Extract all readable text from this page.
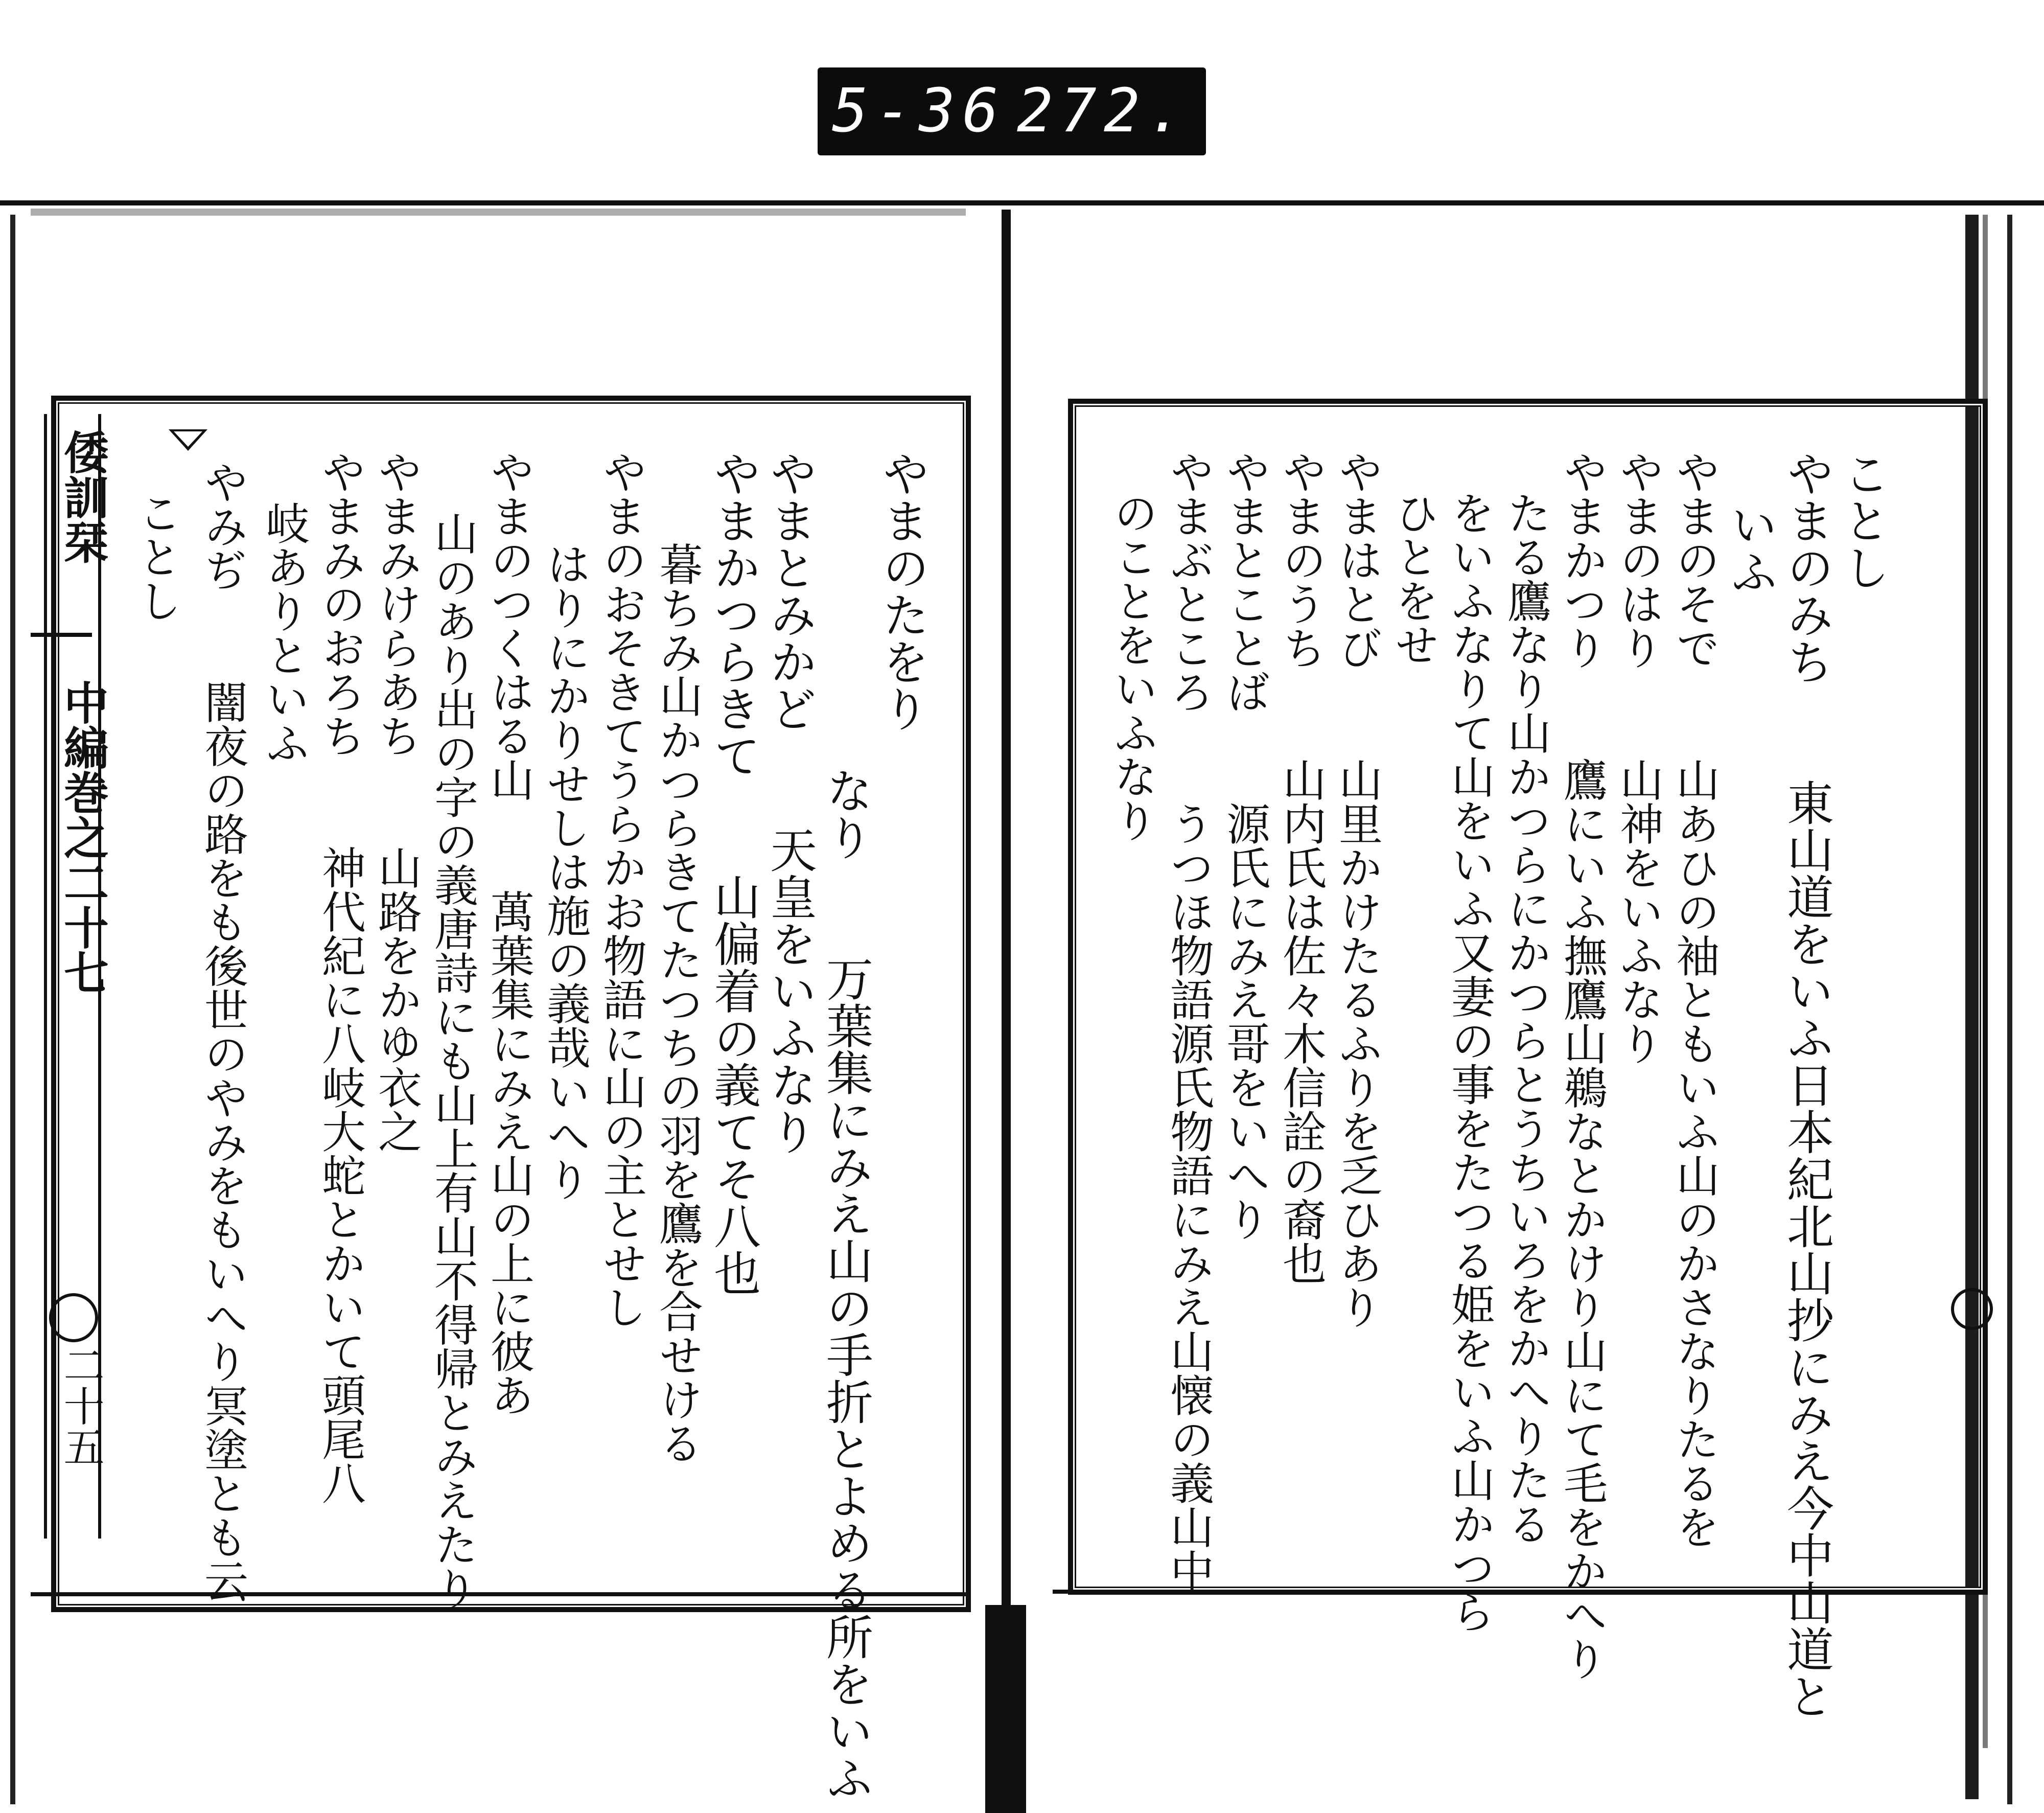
5-36 272.
倭訓栞
中編巻之二十七
二十五
やまのたをり
なり　　万葉集にみえ山の手折とよめる所をいふ
やまとみかど　　天皇をいふなり
やまかつらきて　　山偏着の義てそ八也
暮ちみ山かつらきてたつちの羽を鷹を合せける
やまのおそきてうらかお物語に山の主とせし
はりにかりせしは施の義哉いへり
やまのつくはる山　　萬葉集にみえ山の上に彼あ
山のあり出の字の義唐詩にも山上有山不得帰とみえたり
やまみけらあち　　山路をかゆ衣之
やまみのおろち　　神代紀に八岐大蛇とかいて頭尾八
岐ありといふ
やみぢ　　闇夜の路をも後世のやみをもいへり冥塗とも云
ことし	ことし
やまのみち　　東山道をいふ日本紀北山抄にみえ今中山道と
いふ
やまのそで　　山あひの袖ともいふ山のかさなりたるを
やまのはり　　山神をいふなり
やまかつり　　鷹にいふ撫鷹山鵜なとかけり山にて毛をかへり
たる鷹なり山かつらにかつらとうちいろをかへりたる
をいふなりて山をいふ又妻の事をたつる姫をいふ山かつら
ひとをせ
やまはとび　　山里かけたるふりを乏ひあり
やまのうち　　山内氏は佐々木信詮の裔也
やまとことば　　源氏にみえ哥をいへり
やまぶところ　　うつほ物語源氏物語にみえ山懐の義山中
のことをいふなり
